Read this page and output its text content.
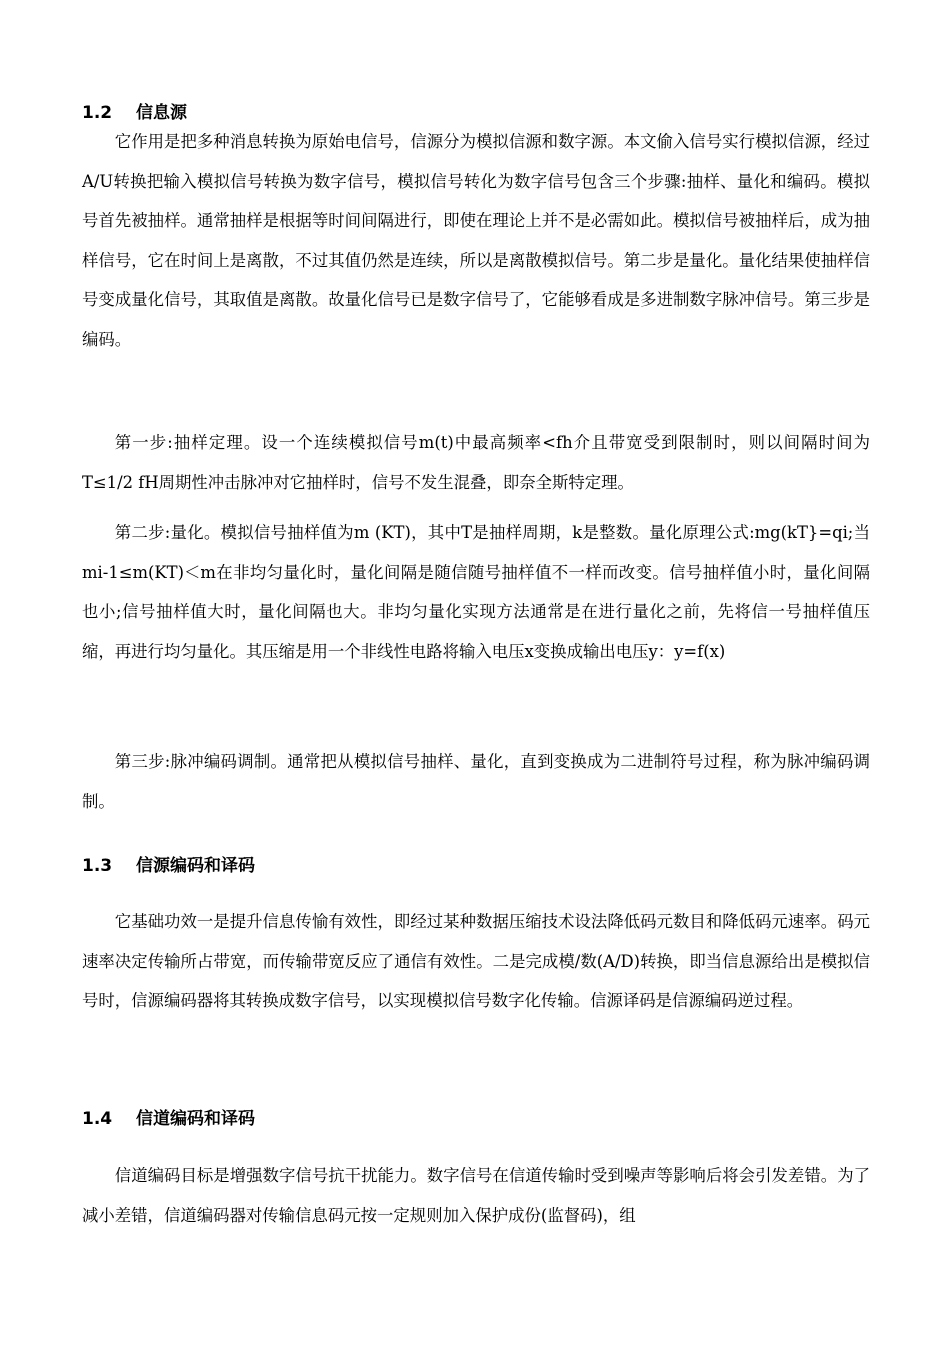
1.2 信息源

它作用是把多种消息转换为原始电信号，信源分为模拟信源和数字源。本文偷入信号实行模拟信源，经过A/U转换把输入模拟信号转换为数字信号，模拟信号转化为数字信号包含三个步骤:抽样、量化和编码。模拟号首先被抽样。通常抽样是根据等时间间隔进行，即使在理论上并不是必需如此。模拟信号被抽样后，成为抽样信号，它在时间上是离散，不过其值仍然是连续，所以是离散模拟信号。第二步是量化。量化结果使抽样信号变成量化信号，其取值是离散。故量化信号已是数字信号了，它能够看成是多进制数字脉冲信号。第三步是编码。

第一步:抽样定理。设一个连续模拟信号m(t)中最高频率<fh介且带宽受到限制时，则以间隔时间为T≤1/2 fH周期性冲击脉冲对它抽样时，信号不发生混叠，即奈全斯特定理。

第二步:量化。模拟信号抽样值为m (KT)，其中T是抽样周期，k是整数。量化原理公式:mg(kT}=qi;当mi-1≤m(KT)＜m在非均匀量化时，量化间隔是随信随号抽样值不一样而改变。信号抽样值小时，量化间隔也小;信号抽样值大时，量化间隔也大。非均匀量化实现方法通常是在进行量化之前，先将信一号抽样值压缩，再进行均匀量化。其压缩是用一个非线性电路将输入电压x变换成输出电压y：y=f(x)

第三步:脉冲编码调制。通常把从模拟信号抽样、量化，直到变换成为二进制符号过程，称为脉冲编码调制。

1.3 信源编码和译码

它基础功效一是提升信息传愉有效性，即经过某种数据压缩技术设法降低码元数目和降低码元速率。码元速率决定传输所占带宽，而传输带宽反应了通信有效性。二是完成模/数(A/D)转换，即当信息源给出是模拟信号时，信源编码器将其转换成数字信号，以实现模拟信号数字化传输。信源译码是信源编码逆过程。

1.4 信道编码和译码

信道编码目标是增强数字信号抗干扰能力。数字信号在信道传输时受到噪声等影响后将会引发差错。为了减小差错，信道编码器对传输信息码元按一定规则加入保护成份(监督码)，组
